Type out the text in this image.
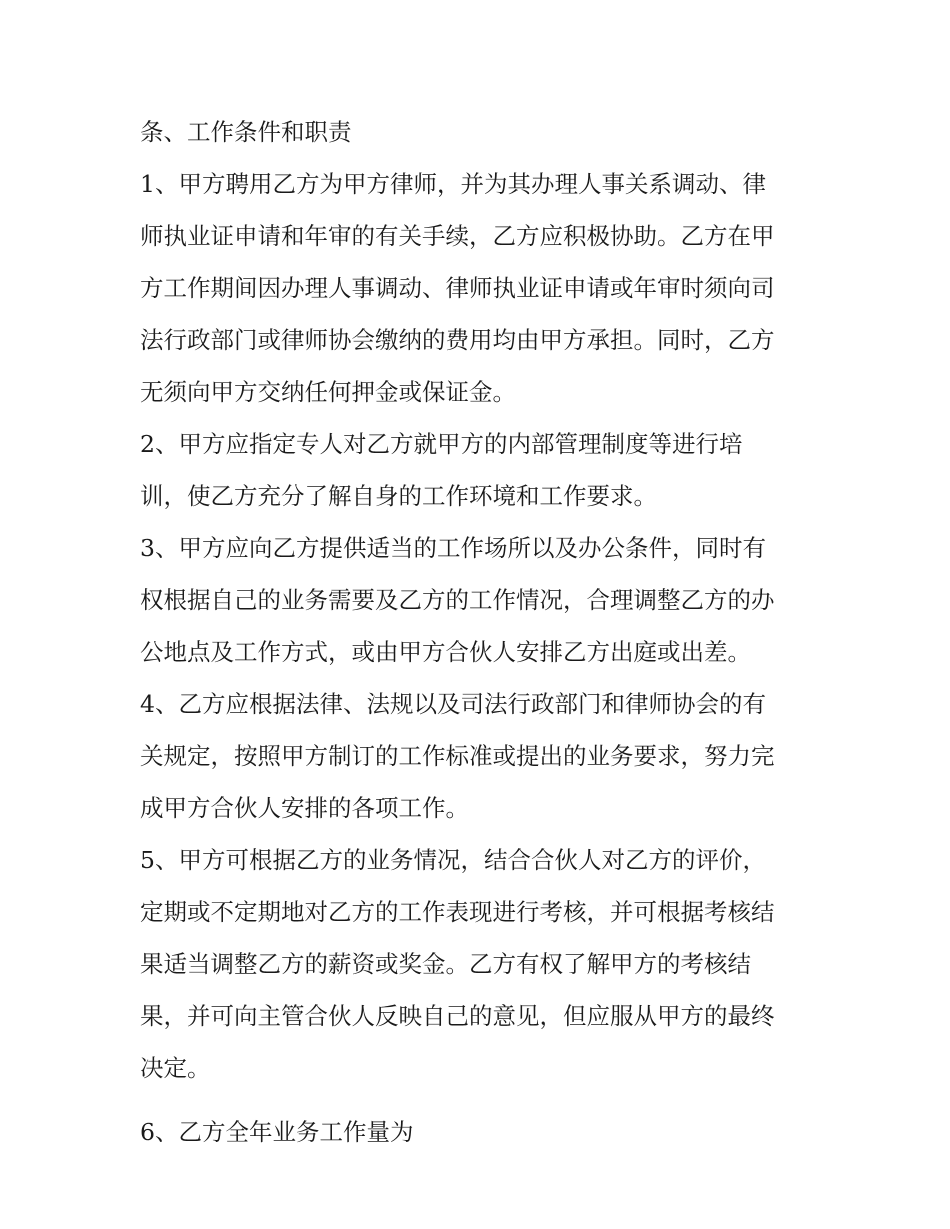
条、工作条件和职责
1、甲方聘用乙方为甲方律师，并为其办理人事关系调动、律
师执业证申请和年审的有关手续，乙方应积极协助。乙方在甲
方工作期间因办理人事调动、律师执业证申请或年审时须向司
法行政部门或律师协会缴纳的费用均由甲方承担。同时，乙方
无须向甲方交纳任何押金或保证金。
2、甲方应指定专人对乙方就甲方的内部管理制度等进行培
训，使乙方充分了解自身的工作环境和工作要求。
3、甲方应向乙方提供适当的工作场所以及办公条件，同时有
权根据自己的业务需要及乙方的工作情况，合理调整乙方的办
公地点及工作方式，或由甲方合伙人安排乙方出庭或出差。
4、乙方应根据法律、法规以及司法行政部门和律师协会的有
关规定，按照甲方制订的工作标准或提出的业务要求，努力完
成甲方合伙人安排的各项工作。
5、甲方可根据乙方的业务情况，结合合伙人对乙方的评价，
定期或不定期地对乙方的工作表现进行考核，并可根据考核结
果适当调整乙方的薪资或奖金。乙方有权了解甲方的考核结
果，并可向主管合伙人反映自己的意见，但应服从甲方的最终
决定。
6、乙方全年业务工作量为
